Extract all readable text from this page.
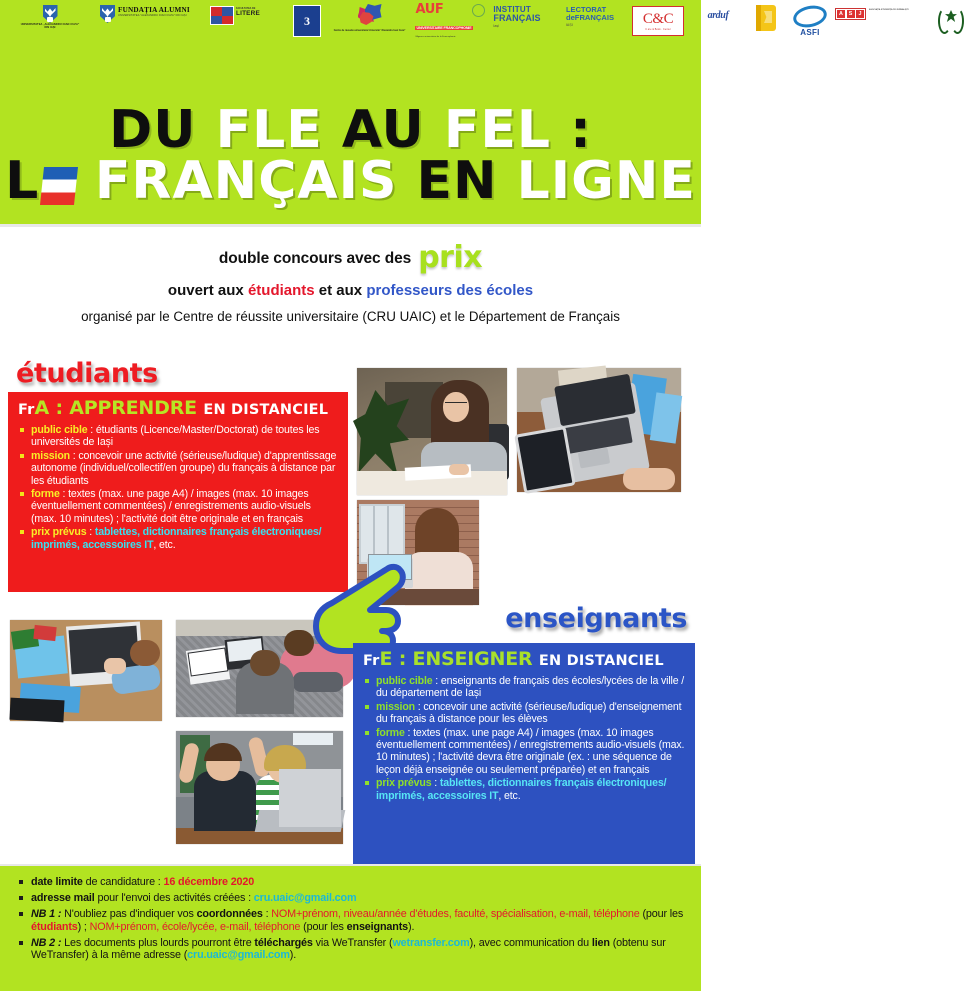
UNIVERSITATEA „ALEXANDRU IOAN CUZA" DIN IAȘI
FUNDAȚIA ALUMNI
UNIVERSITATEA "ALEXANDRU IOAN CUZA" DIN IAȘI
FACULTATEA DE
LITERE	3
Centre de réussite universitaire Université "Alexandru Ioan Cuza"
AUF
UNIVERSITAIRE FRANCOPHONIE
l'Agence universitaire de la Francophonie
INSTITUT
FRANÇAIS
Iași
LECTORAT
deFRANÇAIS
IAȘI	C&C
C are & Book ‧ Center
arduf
ASFI
A	S	J
ASOCIAȚIA STUDENȚILOR JURNALIȘTI
DU FLE AU FEL :
L FRANÇAIS EN LIGNE
double concours avec des prix
ouvert aux étudiants et aux professeurs des écoles
organisé par le Centre de réussite universitaire (CRU UAIC) et le Département de Français
étudiants
FrA : APPRENDRE EN DISTANCIEL
public cible : étudiants (Licence/Master/Doctorat) de toutes les universités de Iași
mission : concevoir une activité (sérieuse/ludique) d'apprentissage autonome (individuel/collectif/en groupe) du français à distance par les étudiants
forme : textes (max. une page A4) / images (max. 10 images éventuellement commentées) / enregistrements audio-visuels (max. 10 minutes) ; l'activité doit être originale et en français
prix prévus : tablettes, dictionnaires français électroniques/ imprimés, accessoires IT, etc.
enseignants
FrE : ENSEIGNER EN DISTANCIEL
public cible : enseignants de français des écoles/lycées de la ville / du département de Iași
mission : concevoir une activité (sérieuse/ludique) d'enseignement du français à distance pour les élèves
forme : textes (max. une page A4) / images (max. 10 images éventuellement commentées) / enregistrements audio-visuels (max. 10 minutes) ; l'activité devra être originale (ex. : une séquence de leçon déjà enseignée ou seulement préparée) et en français
prix prévus : tablettes, dictionnaires français électroniques/ imprimés, accessoires IT, etc.
date limite de candidature : 16 décembre 2020
adresse mail pour l'envoi des activités créées : cru.uaic@gmail.com
NB 1 : N'oubliez pas d'indiquer vos coordonnées : NOM+prénom, niveau/année d'études, faculté, spécialisation, e-mail, téléphone (pour les étudiants) ; NOM+prénom, école/lycée, e-mail, téléphone (pour les enseignants).
NB 2 : Les documents plus lourds pourront être téléchargés via WeTransfer (wetransfer.com), avec communication du lien (obtenu sur WeTransfer) à la même adresse (cru.uaic@gmail.com).
